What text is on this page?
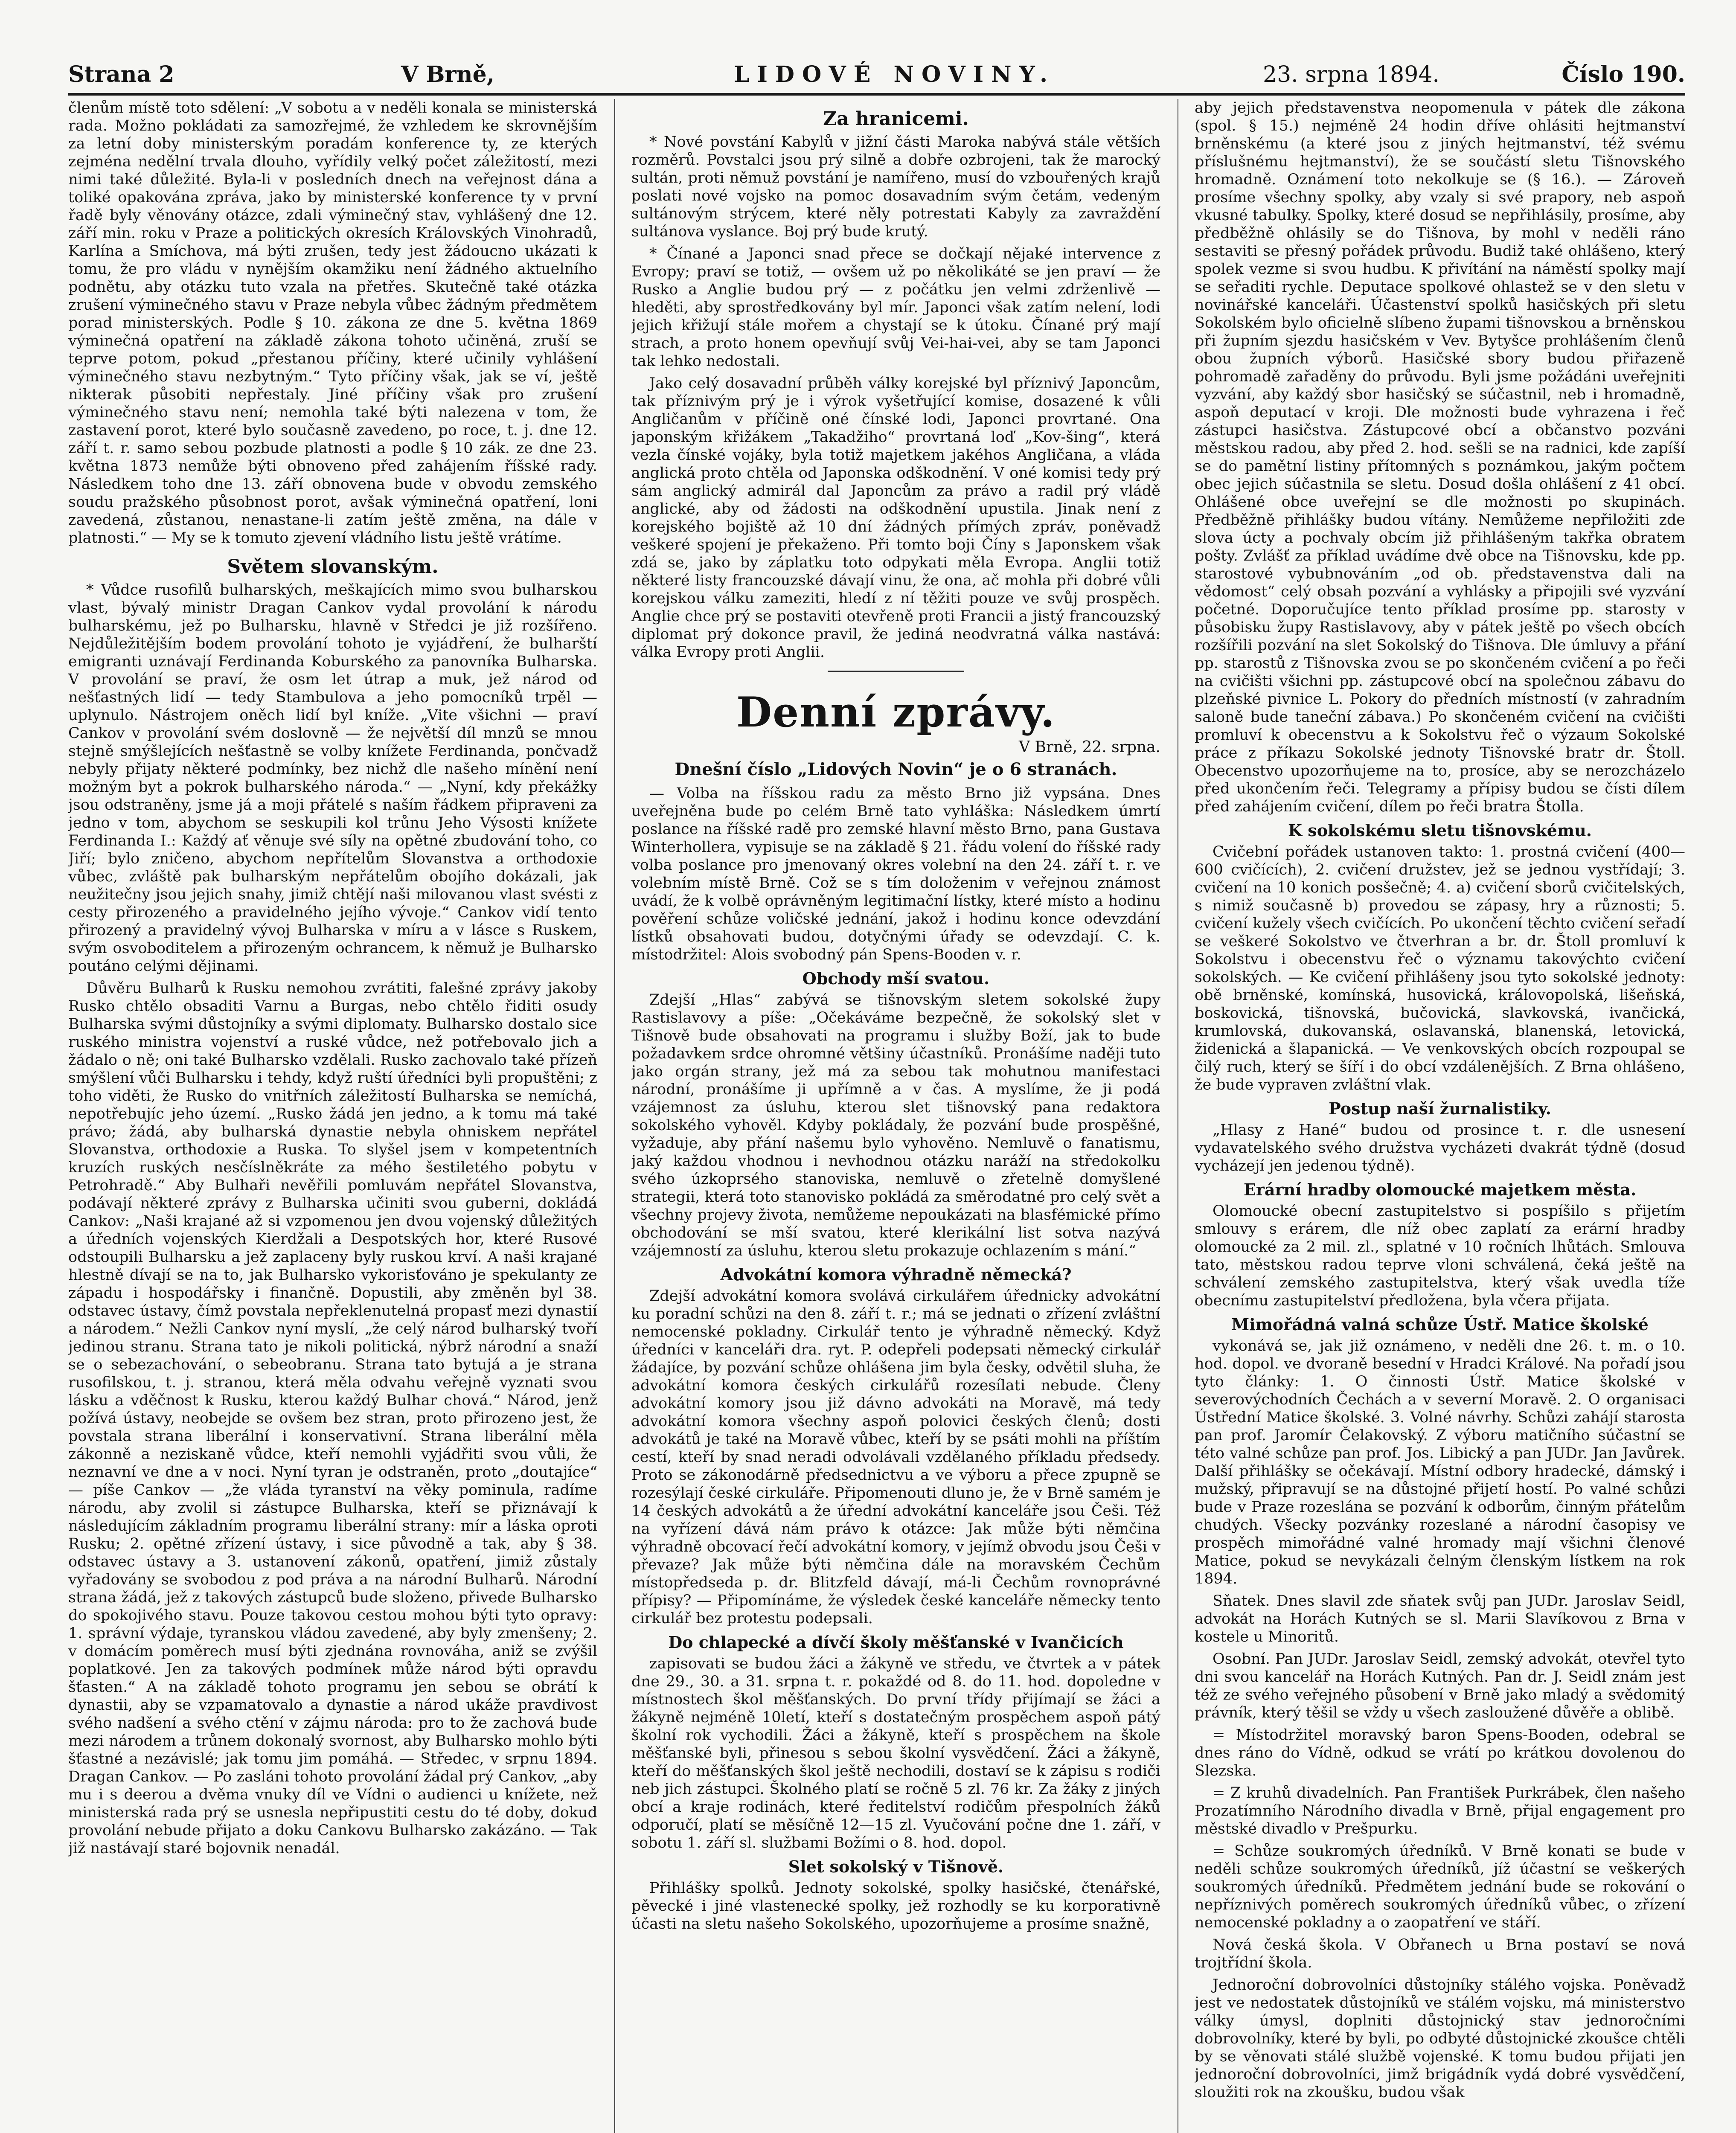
Strana 2	V Brně,	LIDOVÉ NOVINY.	23. srpna 1894.	Číslo 190.

členům místě toto sdělení: „V sobotu a v neděli konala se ministerská rada. Možno pokládati za samozřejmé, že vzhledem ke skrovnějším za letní doby ministerským poradám konference ty, ze kterých zejména nedělní trvala dlouho, vyřídily velký počet záležitostí, mezi nimi také důležité. Byla-li v posledních dnech na veřejnost dána a toliké opakována zpráva, jako by ministerské konference ty v první řadě byly věnovány otázce, zdali výminečný stav, vyhlášený dne 12. září min. roku v Praze a politických okresích Královských Vinohradů, Karlína a Smíchova, má býti zrušen, tedy jest žádoucno ukázati k tomu, že pro vládu v nynějším okamžiku není žádného aktuelního podnětu, aby otázku tuto vzala na přetřes. Skutečně také otázka zrušení výminečného stavu v Praze nebyla vůbec žádným předmětem porad ministerských. Podle § 10. zákona ze dne 5. května 1869 výminečná opatření na základě zákona tohoto učiněná, zruší se teprve potom, pokud „přestanou příčiny, které učinily vyhlášení výminečného stavu nezbytným.“ Tyto příčiny však, jak se ví, ještě nikterak působiti nepřestaly. Jiné příčiny však pro zrušení výminečného stavu není; nemohla také býti nalezena v tom, že zastavení porot, které bylo současně zavedeno, po roce, t. j. dne 12. září t. r. samo sebou pozbude platnosti a podle § 10 zák. ze dne 23. května 1873 nemůže býti obnoveno před zahájením říšské rady. Následkem toho dne 13. září obnovena bude v obvodu zemského soudu pražského působnost porot, avšak výminečná opatření, loni zavedená, zůstanou, nenastane-li zatím ještě změna, na dále v platnosti.“ — My se k tomuto zjevení vládního listu ještě vrátíme.

Světem slovanským.

* Vůdce rusofilů bulharských, meškajících mimo svou bulharskou vlast, bývalý ministr Dragan Cankov vydal provolání k národu bulharskému, jež po Bulharsku, hlavně v Středci je již rozšířeno. Nejdůležitějším bodem provolání tohoto je vyjádření, že bulharští emigranti uznávají Ferdinanda Koburského za panovníka Bulharska. V provolání se praví, že osm let útrap a muk, jež národ od nešťastných lidí — tedy Stambulova a jeho pomocníků trpěl — uplynulo. Nástrojem oněch lidí byl kníže. „Vite všichni — praví Cankov v provolání svém doslovně — že největší díl mnzů se mnou stejně smýšlejících nešťastně se volby knížete Ferdinanda, pončvadž nebyly přijaty některé podmínky, bez nichž dle našeho mínění není možným byt a pokrok bulharského národa.“ — „Nyní, kdy překážky jsou odstraněny, jsme já a moji přátelé s naším řádkem připraveni za jedno v tom, abychom se seskupili kol trůnu Jeho Výsosti knížete Ferdinanda I.: Každý ať věnuje své síly na opětné zbudování toho, co Jiří; bylo zničeno, abychom nepřítelům Slovanstva a orthodoxie vůbec, zvláště pak bulharským nepřátelům obojího dokázali, jak neužitečny jsou jejich snahy, jimiž chtějí naši milovanou vlast svésti z cesty přirozeného a pravidelného jejího vývoje.“ Cankov vidí tento přirozený a pravidelný vývoj Bulharska v míru a v lásce s Ruskem, svým osvoboditelem a přirozeným ochrancem, k němuž je Bulharsko poutáno celými dějinami.

Důvěru Bulharů k Rusku nemohou zvrátiti, falešné zprávy jakoby Rusko chtělo obsaditi Varnu a Burgas, nebo chtělo řiditi osudy Bulharska svými důstojníky a svými diplomaty. Bulharsko dostalo sice ruského ministra vojenství a ruské vůdce, než potřebovalo jich a žádalo o ně; oni také Bulharsko vzdělali. Rusko zachovalo také přízeň smýšlení vůči Bulharsku i tehdy, když ruští úředníci byli propuštěni; z toho viděti, že Rusko do vnitřních záležitostí Bulharska se nemíchá, nepotřebujíc jeho území. „Rusko žádá jen jedno, a k tomu má také právo; žádá, aby bulharská dynastie nebyla ohniskem nepřátel Slovanstva, orthodoxie a Ruska. To slyšel jsem v kompetentních kruzích ruských nesčíslněkráte za mého šestiletého pobytu v Petrohradě.“ Aby Bulhaři nevěřili pomluvám nepřátel Slovanstva, podávají některé zprávy z Bulharska učiniti svou guberni, dokládá Cankov: „Naši krajané až si vzpomenou jen dvou vojenský důležitých a úředních vojenských Kierdžali a Despotských hor, které Rusové odstoupili Bulharsku a jež zaplaceny byly ruskou krví. A naši krajané hlestně dívají se na to, jak Bulharsko vykorisťováno je spekulanty ze západu i hospodářsky i finančně. Dopustili, aby změněn byl 38. odstavec ústavy, čímž povstala nepřeklenutelná propasť mezi dynastií a národem.“ Nežli Cankov nyní myslí, „že celý národ bulharský tvoří jedinou stranu. Strana tato je nikoli politická, nýbrž národní a snaží se o sebezachování, o sebeobranu. Strana tato bytujá a je strana rusofilskou, t. j. stranou, která měla odvahu veřejně vyznati svou lásku a vděčnost k Rusku, kterou každý Bulhar chová.“ Národ, jenž požívá ústavy, neobejde se ovšem bez stran, proto přirozeno jest, že povstala strana liberální i konservativní. Strana liberální měla zákonně a neziskaně vůdce, kteří nemohli vyjádřiti svou vůli, že neznavní ve dne a v noci. Nyní tyran je odstraněn, proto „doutajíce“ — píše Cankov — „že vláda tyranství na věky pominula, radíme národu, aby zvolil si zástupce Bulharska, kteří se přiznávají k následujícím základním programu liberální strany: mír a láska oproti Rusku; 2. opětné zřízení ústavy, i sice původně a tak, aby § 38. odstavec ústavy a 3. ustanovení zákonů, opatření, jimiž zůstaly vyřadovány se svobodou z pod práva a na národní Bulharů. Národní strana žádá, jež z takových zástupců bude složeno, přivede Bulharsko do spokojivého stavu. Pouze takovou cestou mohou býti tyto opravy: 1. správní výdaje, tyranskou vládou zavedené, aby byly zmenšeny; 2. v domácím poměrech musí býti zjednána rovnováha, aniž se zvýšil poplatkové. Jen za takových podmínek může národ býti opravdu šťasten.“ A na základě tohoto programu jen sebou se obrátí k dynastii, aby se vzpamatovalo a dynastie a národ ukáže pravdivost svého nadšení a svého ctění v zájmu národa: pro to že zachová bude mezi národem a trůnem dokonalý svornost, aby Bulharsko mohlo býti šťastné a nezávislé; jak tomu jim pomáhá. — Středec, v srpnu 1894. Dragan Cankov. — Po zasláni tohoto provolání žádal prý Cankov, „aby mu i s deerou a dvěma vnuky díl ve Vídni o audienci u knížete, než ministerská rada prý se usnesla nepřipustiti cestu do té doby, dokud provolání nebude přijato a doku Cankovu Bulharsko zakázáno. — Tak již nastávají staré bojovnik nenadál.

Za hranicemi.

* Nové povstání Kabylů v jižní části Maroka nabývá stále větších rozměrů. Povstalci jsou prý silně a dobře ozbrojeni, tak že marocký sultán, proti němuž povstání je namířeno, musí do vzbouřených krajů poslati nové vojsko na pomoc dosavadním svým četám, vedeným sultánovým strýcem, které něly potrestati Kabyly za zavraždění sultánova vyslance. Boj prý bude krutý.

* Čínané a Japonci snad přece se dočkají nějaké intervence z Evropy; praví se totiž, — ovšem už po několikáté se jen praví — že Rusko a Anglie budou prý — z počátku jen velmi zdrženlivě — hleděti, aby sprostředkovány byl mír. Japonci však zatím nelení, lodi jejich křižují stále mořem a chystají se k útoku. Čínané prý mají strach, a proto honem opevňují svůj Vei-hai-vei, aby se tam Japonci tak lehko nedostali.

Jako celý dosavadní průběh války korejské byl příznivý Japoncům, tak příznivým prý je i výrok vyšetřující komise, dosazené k vůli Angličanům v příčině oné čínské lodi, Japonci provrtané. Ona japonským křižákem „Takadžiho“ provrtaná loď „Kov-šing“, která vezla čínské vojáky, byla totiž majetkem jakéhos Angličana, a vláda anglická proto chtěla od Japonska odškodnění. V oné komisi tedy prý sám anglický admirál dal Japoncům za právo a radil prý vládě anglické, aby od žádosti na odškodnění upustila. Jinak není z korejského bojiště až 10 dní žádných přímých zpráv, poněvadž veškeré spojení je překaženo. Při tomto boji Číny s Japonskem však zdá se, jako by záplatku toto odpykati měla Evropa. Anglii totiž některé listy francouzské dávají vinu, že ona, ač mohla při dobré vůli korejskou válku zameziti, hledí z ní těžiti pouze ve svůj prospěch. Anglie chce prý se postaviti otevřeně proti Francii a jistý francouzský diplomat prý dokonce pravil, že jediná neodvratná válka nastává: válka Evropy proti Anglii.

Denní zprávy.

V Brně, 22. srpna.

Dnešní číslo „Lidových Novin“ je o 6 stranách.

— Volba na říšskou radu za město Brno již vypsána. Dnes uveřejněna bude po celém Brně tato vyhláška: Následkem úmrtí poslance na říšské radě pro zemské hlavní město Brno, pana Gustava Winterhollera, vypisuje se na základě § 21. řádu volení do říšské rady volba poslance pro jmenovaný okres volební na den 24. září t. r. ve volebním místě Brně. Což se s tím doloženim v veřejnou známost uvádí, že k volbě oprávněným legitimační lístky, které místo a hodinu pověření schůze voličské jednání, jakož i hodinu konce odevzdání lístků obsahovati budou, dotyčnými úřady se odevzdají. C. k. místodržitel: Alois svobodný pán Spens-Booden v. r.

Obchody mší svatou.

Zdejší „Hlas“ zabývá se tišnovským sletem sokolské župy Rastislavovy a píše: „Očekáváme bezpečně, že sokolský slet v Tišnově bude obsahovati na programu i služby Boží, jak to bude požadavkem srdce ohromné většiny účastníků. Pronášíme naději tuto jako orgán strany, jež má za sebou tak mohutnou manifestaci národní, pronášíme ji upřímně a v čas. A myslíme, že ji podá vzájemnost za úsluhu, kterou slet tišnovský pana redaktora sokolského vyhověl. Kdyby pokládaly, že pozvání bude prospěšné, vyžaduje, aby přání našemu bylo vyhověno. Nemluvě o fanatismu, jaký každou vhodnou i nevhodnou otázku naráží na středokolku svého úzkoprsého stanoviska, nemluvě o zřetelně domyšlené strategii, která toto stanovisko pokládá za směrodatné pro celý svět a všechny projevy života, nemůžeme nepoukázati na blasfémické přímo obchodování se mší svatou, které klerikální list sotva nazývá vzájemností za úsluhu, kterou sletu prokazuje ochlazením s mání.“

Advokátní komora výhradně německá?

Zdejší advokátní komora svolává cirkulářem úřednicky advokátní ku poradní schůzi na den 8. září t. r.; má se jednati o zřízení zvláštní nemocenské pokladny. Cirkulář tento je výhradně německý. Když úředníci v kanceláři dra. ryt. P. odepřeli podepsati německý cirkulář žádajíce, by pozvání schůze ohlášena jim byla česky, odvětil sluha, že advokátní komora českých cirkulářů rozesílati nebude. Členy advokátní komory jsou již dávno advokáti na Moravě, má tedy advokátní komora všechny aspoň polovici českých členů; dosti advokátů je také na Moravě vůbec, kteří by se psáti mohli na příštím cestí, kteří by snad neradi odvolávali vzdělaného příkladu předsedy. Proto se zákonodárně předsednictvu a ve výboru a přece zpupně se rozesýlají české cirkuláře. Připomenouti dluno je, že v Brně samém je 14 českých advokátů a že úřední advokátní kanceláře jsou Češi. Též na vyřízení dává nám právo k otázce: Jak může býti němčina výhradně obcovací řečí advokátní komory, v jejímž obvodu jsou Češi v převaze? Jak může býti němčina dále na moravském Čechům místopředseda p. dr. Blitzfeld dávají, má-li Čechům rovnoprávné přípisy? — Připomínáme, že výsledek české kanceláře německy tento cirkulář bez protestu podepsali.

Do chlapecké a dívčí školy měšťanské v Ivančicích

zapisovati se budou žáci a žákyně ve středu, ve čtvrtek a v pátek dne 29., 30. a 31. srpna t. r. pokaždé od 8. do 11. hod. dopoledne v místnostech škol měšťanských. Do první třídy přijímají se žáci a žákyně nejméně 10letí, kteří s dostatečným prospěchem aspoň pátý školní rok vychodili. Žáci a žákyně, kteří s prospěchem na škole měšťanské byli, přinesou s sebou školní vysvědčení. Žáci a žákyně, kteří do měšťanských škol ještě nechodili, dostaví se k zápisu s rodiči neb jich zástupci. Školného platí se ročně 5 zl. 76 kr. Za žáky z jiných obcí a kraje rodinách, které ředitelství rodičům přespolních žáků odporučí, platí se měsíčně 12—15 zl. Vyučování počne dne 1. září, v sobotu 1. září sl. službami Božími o 8. hod. dopol.

Slet sokolský v Tišnově.

Přihlášky spolků. Jednoty sokolské, spolky hasičské, čtenářské, pěvecké i jiné vlastenecké spolky, jež rozhodly se ku korporativně účasti na sletu našeho Sokolského, upozorňujeme a prosíme snažně,

aby jejich představenstva neopomenula v pátek dle zákona (spol. § 15.) nejméně 24 hodin dříve ohlásiti hejtmanství brněnskému (a které jsou z jiných hejtmanství, též svému příslušnému hejtmanství), že se součástí sletu Tišnovského hromadně. Oznámení toto nekolkuje se (§ 16.). — Zároveň prosíme všechny spolky, aby vzaly si své prapory, neb aspoň vkusné tabulky. Spolky, které dosud se nepřihlásily, prosíme, aby předběžně ohlásily se do Tišnova, by mohl v neděli ráno sestaviti se přesný pořádek průvodu. Budiž také ohlášeno, který spolek vezme si svou hudbu. K přivítání na náměstí spolky mají se seřaditi rychle. Deputace spolkové ohlastež se v den sletu v novinářské kanceláři. Účastenství spolků hasičských při sletu Sokolském bylo oficielně slíbeno župami tišnovskou a brněnskou při župním sjezdu hasičském v Vev. Bytyšce prohlášením členů obou župních výborů. Hasičské sbory budou přiřazeně pohromadě zařaděny do průvodu. Byli jsme požádáni uveřejniti vyzvání, aby každý sbor hasičský se súčastnil, neb i hromadně, aspoň deputací v kroji. Dle možnosti bude vyhrazena i řeč zástupci hasičstva. Zástupcové obcí a občanstvo pozváni městskou radou, aby před 2. hod. sešli se na radnici, kde zapíší se do pamětní listiny přítomných s poznámkou, jakým počtem obec jejich súčastnila se sletu. Dosud došla ohlášení z 41 obcí. Ohlášené obce uveřejní se dle možnosti po skupinách. Předběžně přihlášky budou vítány. Nemůžeme nepřiložiti zde slova úcty a pochvaly obcím již přihlášeným takřka obratem pošty. Zvlášť za příklad uvádíme dvě obce na Tišnovsku, kde pp. starostové vybubnováním „od ob. představenstva dali na vědomost“ celý obsah pozvání a vyhlásky a připojili své vyzvání početné. Doporučujíce tento příklad prosíme pp. starosty v působisku župy Rastislavovy, aby v pátek ještě po všech obcích rozšířili pozvání na slet Sokolský do Tišnova. Dle úmluvy a přání pp. starostů z Tišnovska zvou se po skončeném cvičení a po řeči na cvičišti všichni pp. zástupcové obcí na společnou zábavu do plzeňské pivnice L. Pokory do předních místností (v zahradním saloně bude taneční zábava.) Po skončeném cvičení na cvičišti promluví k obecenstvu a k Sokolstvu řeč o výzaum Sokolské práce z příkazu Sokolské jednoty Tišnovské bratr dr. Štoll. Obecenstvo upozorňujeme na to, prosíce, aby se nerozcházelo před ukončením řeči. Telegramy a přípisy budou se čísti dílem před zahájením cvičení, dílem po řeči bratra Štolla.

K sokolskému sletu tišnovskému.

Cvičební pořádek ustanoven takto: 1. prostná cvičení (400—600 cvičících), 2. cvičení družstev, jež se jednou vystřídají; 3. cvičení na 10 konich posšečně; 4. a) cvičení sborů cvičitelských, s nimiž současně b) provedou se zápasy, hry a různosti; 5. cvičení kužely všech cvičících. Po ukončení těchto cvičení seřadí se veškeré Sokolstvo ve čtverhran a br. dr. Štoll promluví k Sokolstvu i obecenstvu řeč o významu takovýchto cvičení sokolských. — Ke cvičení přihlášeny jsou tyto sokolské jednoty: obě brněnské, komínská, husovická, královopolská, lišeňská, boskovická, tišnovská, bučovická, slavkovská, ivančická, krumlovská, dukovanská, oslavanská, blanenská, letovická, židenická a šlapanická. — Ve venkovských obcích rozpoupal se čilý ruch, který se šíří i do obcí vzdálenějších. Z Brna ohlášeno, že bude vypraven zvláštní vlak.

Postup naší žurnalistiky.

„Hlasy z Hané“ budou od prosince t. r. dle usnesení vydavatelského svého družstva vycházeti dvakrát týdně (dosud vycházejí jen jedenou týdně).

Erární hradby olomoucké majetkem města.

Olomoucké obecní zastupitelstvo si pospíšilo s přijetím smlouvy s erárem, dle níž obec zaplatí za erární hradby olomoucké za 2 mil. zl., splatné v 10 ročních lhůtách. Smlouva tato, městskou radou teprve vloni schválená, čeká ještě na schválení zemského zastupitelstva, který však uvedla tíže obecnímu zastupitelství předložena, byla včera přijata.

Mimořádná valná schůze Ústř. Matice školské

vykonává se, jak již oznámeno, v neděli dne 26. t. m. o 10. hod. dopol. ve dvoraně besední v Hradci Králové. Na pořadí jsou tyto články: 1. O činnosti Ústř. Matice školské v severovýchodních Čechách a v severní Moravě. 2. O organisaci Ústřední Matice školské. 3. Volné návrhy. Schůzi zahájí starosta pan prof. Jaromír Čelakovský. Z výboru matičního súčastní se této valné schůze pan prof. Jos. Libický a pan JUDr. Jan Javůrek. Další přihlášky se očekávají. Místní odbory hradecké, dámský i mužský, připravují se na důstojné přijetí hostí. Po valné schůzi bude v Praze rozeslána se pozvání k odborům, činným přátelům chudých. Všecky pozvánky rozeslané a národní časopisy ve prospěch mimořádné valné hromady mají všichni členové Matice, pokud se nevykázali čelným členským lístkem na rok 1894.

Sňatek. Dnes slavil zde sňatek svůj pan JUDr. Jaroslav Seidl, advokát na Horách Kutných se sl. Marii Slavíkovou z Brna v kostele u Minoritů.

Osobní. Pan JUDr. Jaroslav Seidl, zemský advokát, otevřel tyto dni svou kancelář na Horách Kutných. Pan dr. J. Seidl znám jest též ze svého veřejného působení v Brně jako mladý a svědomitý právník, který těšil se vždy u všech zasloužené důvěře a oblibě.

= Místodržitel moravský baron Spens-Booden, odebral se dnes ráno do Vídně, odkud se vrátí po krátkou dovolenou do Slezska.

= Z kruhů divadelních. Pan František Purkrábek, člen našeho Prozatímního Národního divadla v Brně, přijal engagement pro městské divadlo v Prešpurku.

= Schůze soukromých úředníků. V Brně konati se bude v neděli schůze soukromých úředníků, jíž účastní se veškerých soukromých úředníků. Předmětem jednání bude se rokování o nepříznivých poměrech soukromých úředníků vůbec, o zřízení nemocenské pokladny a o zaopatření ve stáří.

Nová česká škola. V Obřanech u Brna postaví se nová trojtřídní škola.

Jednoroční dobrovolníci důstojníky stálého vojska. Poněvadž jest ve nedostatek důstojníků ve stálém vojsku, má ministerstvo války úmysl, doplniti důstojnický stav jednoročními dobrovolníky, které by byli, po odbyté důstojnické zkoušce chtěli by se věnovati stálé službě vojenské. K tomu budou přijati jen jednoroční dobrovolníci, jimž brigádník vydá dobré vysvědčení, sloužiti rok na zkoušku, budou však
